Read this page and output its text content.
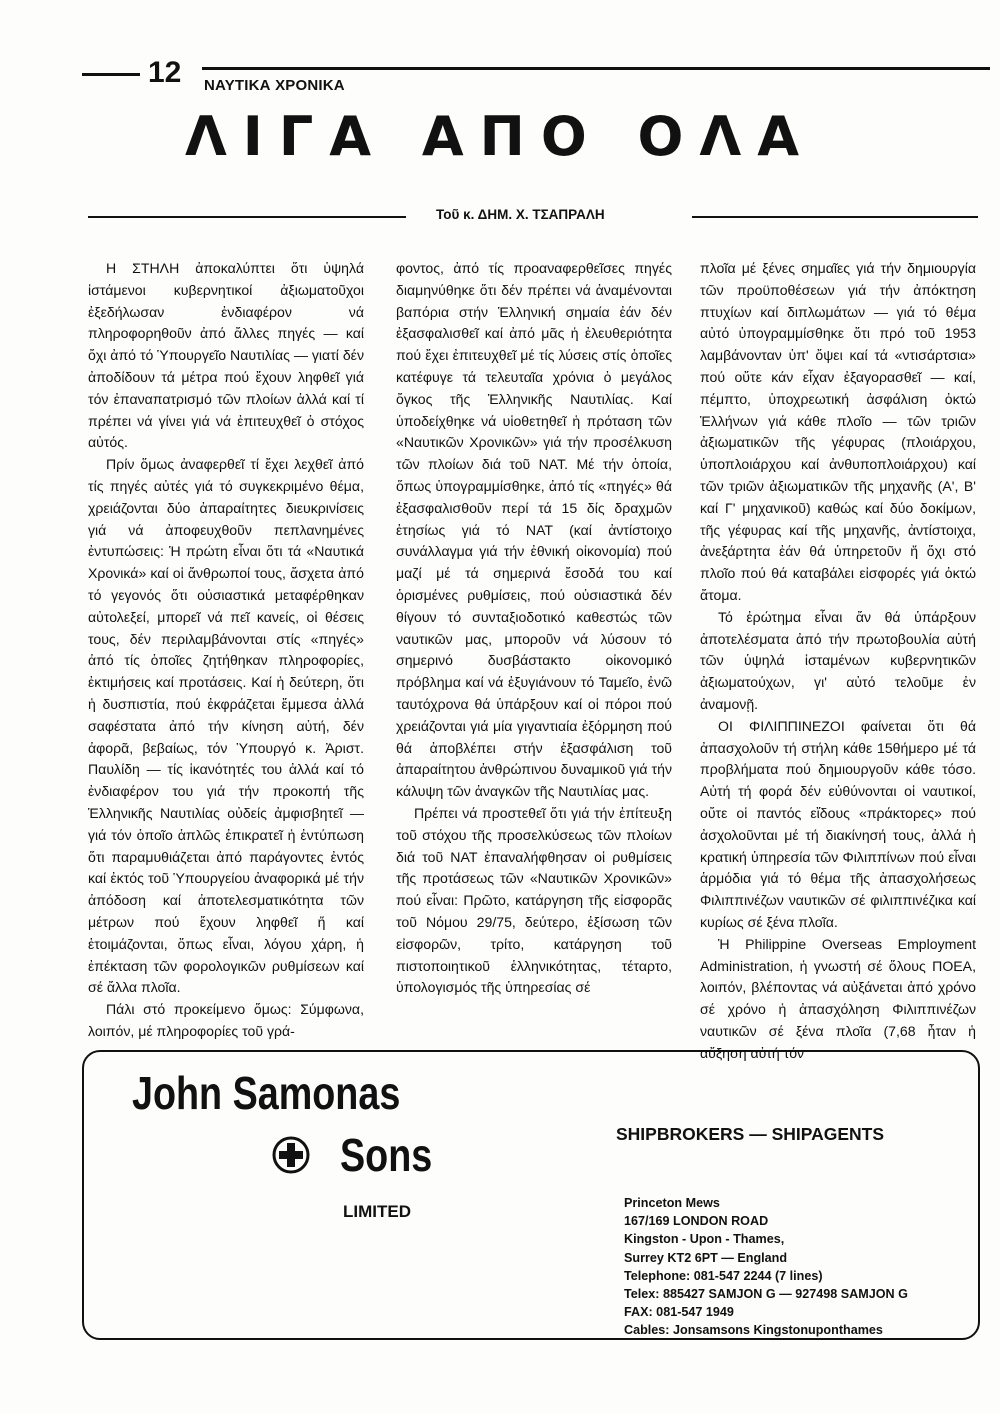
12 ΝΑΥΤΙΚΑ ΧΡΟΝΙΚΑ
ΛΙΓΑ ΑΠΟ ΟΛΑ
Τοῦ κ. ΔΗΜ. Χ. ΤΣΑΠΡΑΛΗ

Η ΣΤΗΛΗ ἀποκαλύπτει ὅτι ὑψηλά ἱστάμενοι κυβερνητικοί ἀξιωματοῦχοι ἐξεδήλωσαν ἐνδιαφέρον νά πληροφορηθοῦν ἀπό ἄλλες πηγές — καί ὄχι ἀπό τό Ὑπουργεῖο Ναυτιλίας — γιατί δέν ἀποδίδουν τά μέτρα πού ἔχουν ληφθεῖ γιά τόν ἐπαναπατρισμό τῶν πλοίων ἀλλά καί τί πρέπει νά γίνει γιά νά ἐπιτευχθεῖ ὁ στόχος αὐτός.

Πρίν ὅμως ἀναφερθεῖ τί ἔχει λεχθεῖ ἀπό τίς πηγές αὐτές γιά τό συγκεκριμένο θέμα, χρειάζονται δύο ἀπαραίτητες διευκρινίσεις γιά νά ἀποφευχθοῦν πεπλανημένες ἐντυπώσεις: Ἡ πρώτη εἶναι ὅτι τά «Ναυτικά Χρονικά» καί οἱ ἄνθρωποί τους, ἄσχετα ἀπό τό γεγονός ὅτι οὐσιαστικά μεταφέρθηκαν αὐτολεξεί, μπορεῖ νά πεῖ κανείς, οἱ θέσεις τους, δέν περιλαμβάνονται στίς «πηγές» ἀπό τίς ὁποῖες ζητήθηκαν πληροφορίες, ἐκτιμήσεις καί προτάσεις. Καί ἡ δεύτερη, ὅτι ἡ δυσπιστία, πού ἐκφράζεται ἔμμεσα ἀλλά σαφέστατα ἀπό τήν κίνηση αὐτή, δέν ἀφορᾶ, βεβαίως, τόν Ὑπουργό κ. Ἀριστ. Παυλίδη — τίς ἱκανότητές του ἀλλά καί τό ἐνδιαφέρον του γιά τήν προκοπή τῆς Ἑλληνικῆς Ναυτιλίας οὐδείς ἀμφισβητεῖ — γιά τόν ὁποῖο ἁπλῶς ἐπικρατεῖ ἡ ἐντύπωση ὅτι παραμυθιάζεται ἀπό παράγοντες ἐντός καί ἐκτός τοῦ Ὑπουργείου ἀναφορικά μέ τήν ἀπόδοση καί ἀποτελεσματικότητα τῶν μέτρων πού ἔχουν ληφθεῖ ἤ καί ἑτοιμάζονται, ὅπως εἶναι, λόγου χάρη, ἡ ἐπέκταση τῶν φορολογικῶν ρυθμίσεων καί σέ ἄλλα πλοῖα.

Πάλι στό προκείμενο ὅμως: Σύμφωνα, λοιπόν, μέ πληροφορίες τοῦ γρά-

φοντος, ἀπό τίς προαναφερθεῖσες πηγές διαμηνύθηκε ὅτι δέν πρέπει νά ἀναμένονται βαπόρια στήν Ἑλληνική σημαία ἐάν δέν ἐξασφαλισθεῖ καί ἀπό μᾶς ἡ ἐλευθεριότητα πού ἔχει ἐπιτευχθεῖ μέ τίς λύσεις στίς ὁποῖες κατέφυγε τά τελευταῖα χρόνια ὁ μεγάλος ὄγκος τῆς Ἑλληνικῆς Ναυτιλίας. Καί ὑποδείχθηκε νά υἱοθετηθεῖ ἡ πρόταση τῶν «Ναυτικῶν Χρονικῶν» γιά τήν προσέλκυση τῶν πλοίων διά τοῦ ΝΑΤ. Μέ τήν ὁποία, ὅπως ὑπογραμμίσθηκε, ἀπό τίς «πηγές» θά ἐξασφαλισθοῦν περί τά 15 δίς δραχμῶν ἐτησίως γιά τό ΝΑΤ (καί ἀντίστοιχο συνάλλαγμα γιά τήν ἐθνική οἰκονομία) πού μαζί μέ τά σημερινά ἔσοδά του καί ὁρισμένες ρυθμίσεις, πού οὐσιαστικά δέν θίγουν τό συνταξιοδοτικό καθεστώς τῶν ναυτικῶν μας, μποροῦν νά λύσουν τό σημερινό δυσβάστακτο οἰκονομικό πρόβλημα καί νά ἐξυγιάνουν τό Ταμεῖο, ἐνῶ ταυτόχρονα θά ὑπάρξουν καί οἱ πόροι πού χρειάζονται γιά μία γιγαντιαία ἐξόρμηση πού θά ἀποβλέπει στήν ἐξασφάλιση τοῦ ἀπαραίτητου ἀνθρώπινου δυναμικοῦ γιά τήν κάλυψη τῶν ἀναγκῶν τῆς Ναυτιλίας μας.

Πρέπει νά προστεθεῖ ὅτι γιά τήν ἐπίτευξη τοῦ στόχου τῆς προσελκύσεως τῶν πλοίων διά τοῦ ΝΑΤ ἐπαναλήφθησαν οἱ ρυθμίσεις τῆς προτάσεως τῶν «Ναυτικῶν Χρονικῶν» πού εἶναι: Πρῶτο, κατάργηση τῆς εἰσφορᾶς τοῦ Νόμου 29/75, δεύτερο, ἐξίσωση τῶν εἰσφορῶν, τρίτο, κατάργηση τοῦ πιστοποιητικοῦ ἑλληνικότητας, τέταρτο, ὑπολογισμός τῆς ὑπηρεσίας σέ

πλοῖα μέ ξένες σημαῖες γιά τήν δημιουργία τῶν προϋποθέσεων γιά τήν ἀπόκτηση πτυχίων καί διπλωμάτων — γιά τό θέμα αὐτό ὑπογραμμίσθηκε ὅτι πρό τοῦ 1953 λαμβάνονταν ὑπ' ὄψει καί τά «ντισάρτσια» πού οὔτε κάν εἶχαν ἐξαγορασθεῖ — καί, πέμπτο, ὑποχρεωτική ἀσφάλιση ὀκτώ Ἑλλήνων γιά κάθε πλοῖο — τῶν τριῶν ἀξιωματικῶν τῆς γέφυρας (πλοιάρχου, ὑποπλοιάρχου καί ἀνθυποπλοιάρχου) καί τῶν τριῶν ἀξιωματικῶν τῆς μηχανῆς (Α', Β' καί Γ' μηχανικοῦ) καθώς καί δύο δοκίμων, τῆς γέφυρας καί τῆς μηχανῆς, ἀντίστοιχα, ἀνεξάρτητα ἐάν θά ὑπηρετοῦν ἤ ὄχι στό πλοῖο πού θά καταβάλει εἰσφορές γιά ὀκτώ ἄτομα.

Τό ἐρώτημα εἶναι ἄν θά ὑπάρξουν ἀποτελέσματα ἀπό τήν πρωτοβουλία αὐτή τῶν ὑψηλά ἱσταμένων κυβερνητικῶν ἀξιωματούχων, γι' αὐτό τελοῦμε ἐν ἀναμονῇ.

ΟΙ ΦΙΛΙΠΠΙΝΕΖΟΙ φαίνεται ὅτι θά ἀπασχολοῦν τή στήλη κάθε 15θήμερο μέ τά προβλήματα πού δημιουργοῦν κάθε τόσο. Αὐτή τή φορά δέν εὐθύνονται οἱ ναυτικοί, οὔτε οἱ παντός εἴδους «πράκτορες» πού ἀσχολοῦνται μέ τή διακίνησή τους, ἀλλά ἡ κρατική ὑπηρεσία τῶν Φιλιππίνων πού εἶναι ἁρμόδια γιά τό θέμα τῆς ἀπασχολήσεως Φιλιππινέζων ναυτικῶν σέ φιλιππινέζικα καί κυρίως σέ ξένα πλοῖα.

Ἡ Philippine Overseas Employment Administration, ἡ γνωστή σέ ὅλους ΠΟΕΑ, λοιπόν, βλέποντας νά αὐξάνεται ἀπό χρόνο σέ χρόνο ἡ ἀπασχόληση Φιλιππινέζων ναυτικῶν σέ ξένα πλοῖα (7,68 ἦταν ἡ αὔξηση αὐτή τόν

John Samonas
Sons
LIMITED
SHIPBROKERS — SHIPAGENTS
Princeton Mews
167/169 LONDON ROAD
Kingston - Upon - Thames,
Surrey KT2 6PT — England
Telephone: 081-547 2244 (7 lines)
Telex: 885427 SAMJON G — 927498 SAMJON G
FAX: 081-547 1949
Cables: Jonsamsons Kingstonuponthames
